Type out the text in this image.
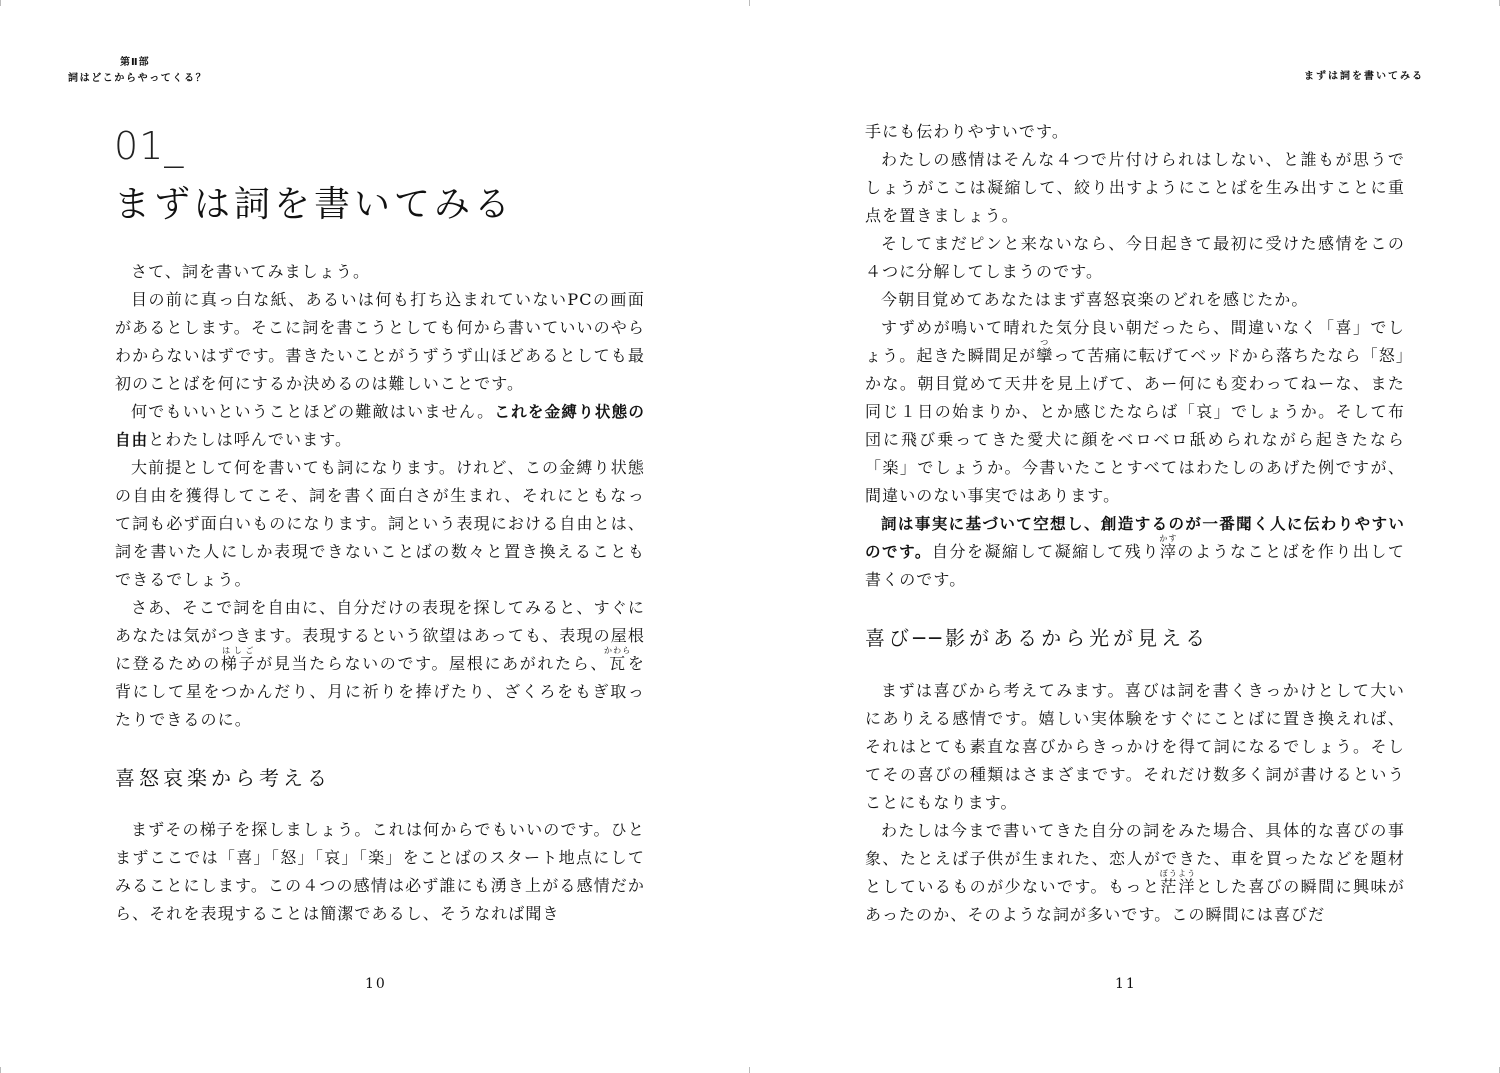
第Ⅱ部
詞はどこからやってくる？
01_
まずは詞を書いてみる

さて、詞を書いてみましょう。

目の前に真っ白な紙、あるいは何も打ち込まれていないPCの画面があるとします。そこに詞を書こうとしても何から書いていいのやらわからないはずです。書きたいことがうずうず山ほどあるとしても最初のことばを何にするか決めるのは難しいことです。

何でもいいということほどの難敵はいません。これを金縛り状態の自由とわたしは呼んでいます。

大前提として何を書いても詞になります。けれど、この金縛り状態の自由を獲得してこそ、詞を書く面白さが生まれ、それにともなって詞も必ず面白いものになります。詞という表現における自由とは、詞を書いた人にしか表現できないことばの数々と置き換えることもできるでしょう。

さあ、そこで詞を自由に、自分だけの表現を探してみると、すぐにあなたは気がつきます。表現するという欲望はあっても、表現の屋根に登るための梯子はしごが見当たらないのです。屋根にあがれたら、瓦かわらを背にして星をつかんだり、月に祈りを捧げたり、ざくろをもぎ取ったりできるのに。

喜怒哀楽から考える

まずその梯子を探しましょう。これは何からでもいいのです。ひとまずここでは「喜」「怒」「哀」「楽」をことばのスタート地点にしてみることにします。この４つの感情は必ず誰にも湧き上がる感情だから、それを表現することは簡潔であるし、そうなれば聞き

10
まずは詞を書いてみる
11

手にも伝わりやすいです。

わたしの感情はそんな４つで片付けられはしない、と誰もが思うでしょうがここは凝縮して、絞り出すようにことばを生み出すことに重点を置きましょう。

そしてまだピンと来ないなら、今日起きて最初に受けた感情をこの４つに分解してしまうのです。

今朝目覚めてあなたはまず喜怒哀楽のどれを感じたか。

すずめが鳴いて晴れた気分良い朝だったら、間違いなく「喜」でしょう。起きた瞬間足が攣つって苦痛に転げてベッドから落ちたなら「怒」かな。朝目覚めて天井を見上げて、あー何にも変わってねーな、また同じ１日の始まりか、とか感じたならば「哀」でしょうか。そして布団に飛び乗ってきた愛犬に顔をベロベロ舐められながら起きたなら「楽」でしょうか。今書いたことすべてはわたしのあげた例ですが、間違いのない事実ではあります。

詞は事実に基づいて空想し、創造するのが一番聞く人に伝わりやすいのです。自分を凝縮して凝縮して残り滓かすのようなことばを作り出して書くのです。

喜び──影があるから光が見える

まずは喜びから考えてみます。喜びは詞を書くきっかけとして大いにありえる感情です。嬉しい実体験をすぐにことばに置き換えれば、それはとても素直な喜びからきっかけを得て詞になるでしょう。そしてその喜びの種類はさまざまです。それだけ数多く詞が書けるということにもなります。

わたしは今まで書いてきた自分の詞をみた場合、具体的な喜びの事象、たとえば子供が生まれた、恋人ができた、車を買ったなどを題材としているものが少ないです。もっと茫洋ぼうようとした喜びの瞬間に興味があったのか、そのような詞が多いです。この瞬間には喜びだ
